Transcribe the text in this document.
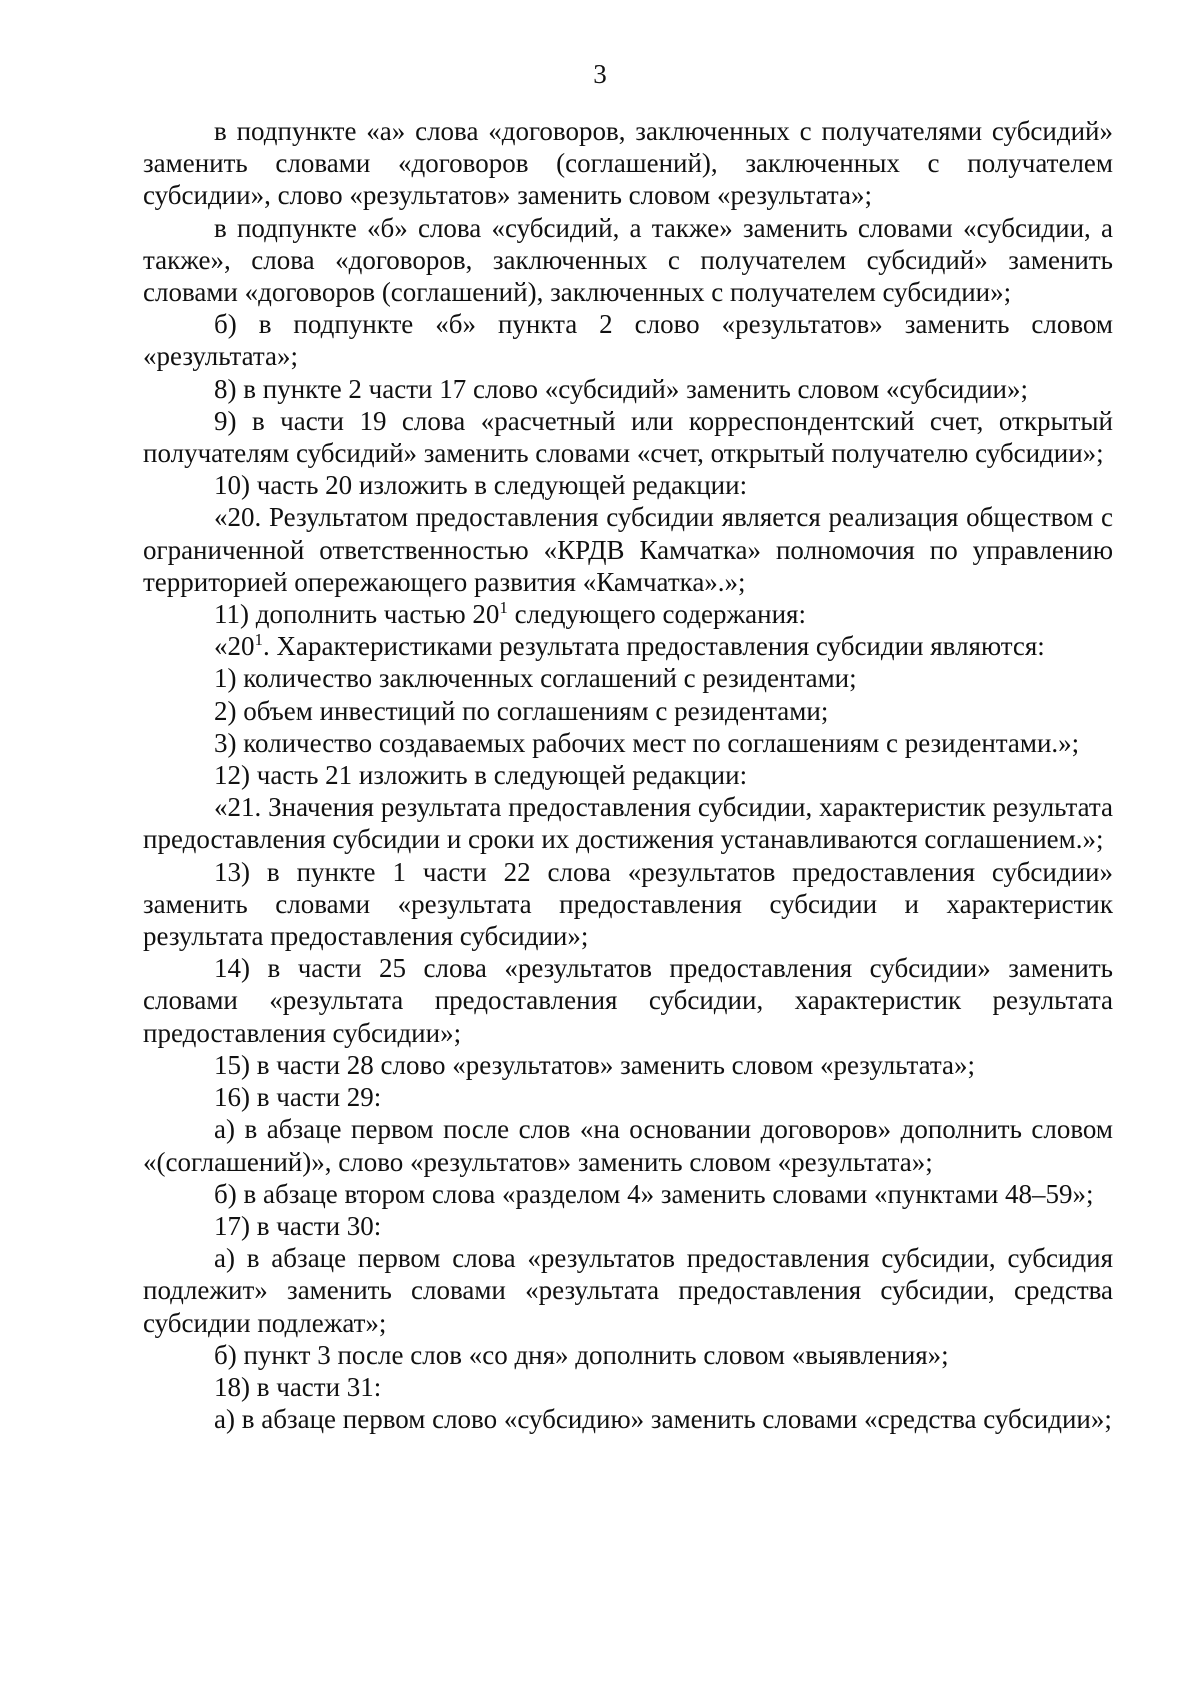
3

в подпункте «а» слова «договоров, заключенных с получателями субсидий» заменить словами «договоров (соглашений), заключенных с получателем субсидии», слово «результатов» заменить словом «результата»;

в подпункте «б» слова «субсидий, а также» заменить словами «субсидии, а также», слова «договоров, заключенных с получателем субсидий» заменить словами «договоров (соглашений), заключенных с получателем субсидии»;

б) в подпункте «б» пункта 2 слово «результатов» заменить словом «результата»;

8) в пункте 2 части 17 слово «субсидий» заменить словом «субсидии»;

9) в части 19 слова «расчетный или корреспондентский счет, открытый получателям субсидий» заменить словами «счет, открытый получателю субсидии»;

10) часть 20 изложить в следующей редакции:

«20. Результатом предоставления субсидии является реализация обществом с ограниченной ответственностью «КРДВ Камчатка» полномочия по управлению территорией опережающего развития «Камчатка».»;

11) дополнить частью $20^1$ следующего содержания:

«$20^1$. Характеристиками результата предоставления субсидии являются:

1) количество заключенных соглашений с резидентами;

2) объем инвестиций по соглашениям с резидентами;

3) количество создаваемых рабочих мест по соглашениям с резидентами.»;

12) часть 21 изложить в следующей редакции:

«21. Значения результата предоставления субсидии, характеристик результата предоставления субсидии и сроки их достижения устанавливаются соглашением.»;

13) в пункте 1 части 22 слова «результатов предоставления субсидии» заменить словами «результата предоставления субсидии и характеристик результата предоставления субсидии»;

14) в части 25 слова «результатов предоставления субсидии» заменить словами «результата предоставления субсидии, характеристик результата предоставления субсидии»;

15) в части 28 слово «результатов» заменить словом «результата»;

16) в части 29:

а) в абзаце первом после слов «на основании договоров» дополнить словом «(соглашений)», слово «результатов» заменить словом «результата»;

б) в абзаце втором слова «разделом 4» заменить словами «пунктами 48–59»;

17) в части 30:

а) в абзаце первом слова «результатов предоставления субсидии, субсидия подлежит» заменить словами «результата предоставления субсидии, средства субсидии подлежат»;

б) пункт 3 после слов «со дня» дополнить словом «выявления»;

18) в части 31:

а) в абзаце первом слово «субсидию» заменить словами «средства субсидии»;
